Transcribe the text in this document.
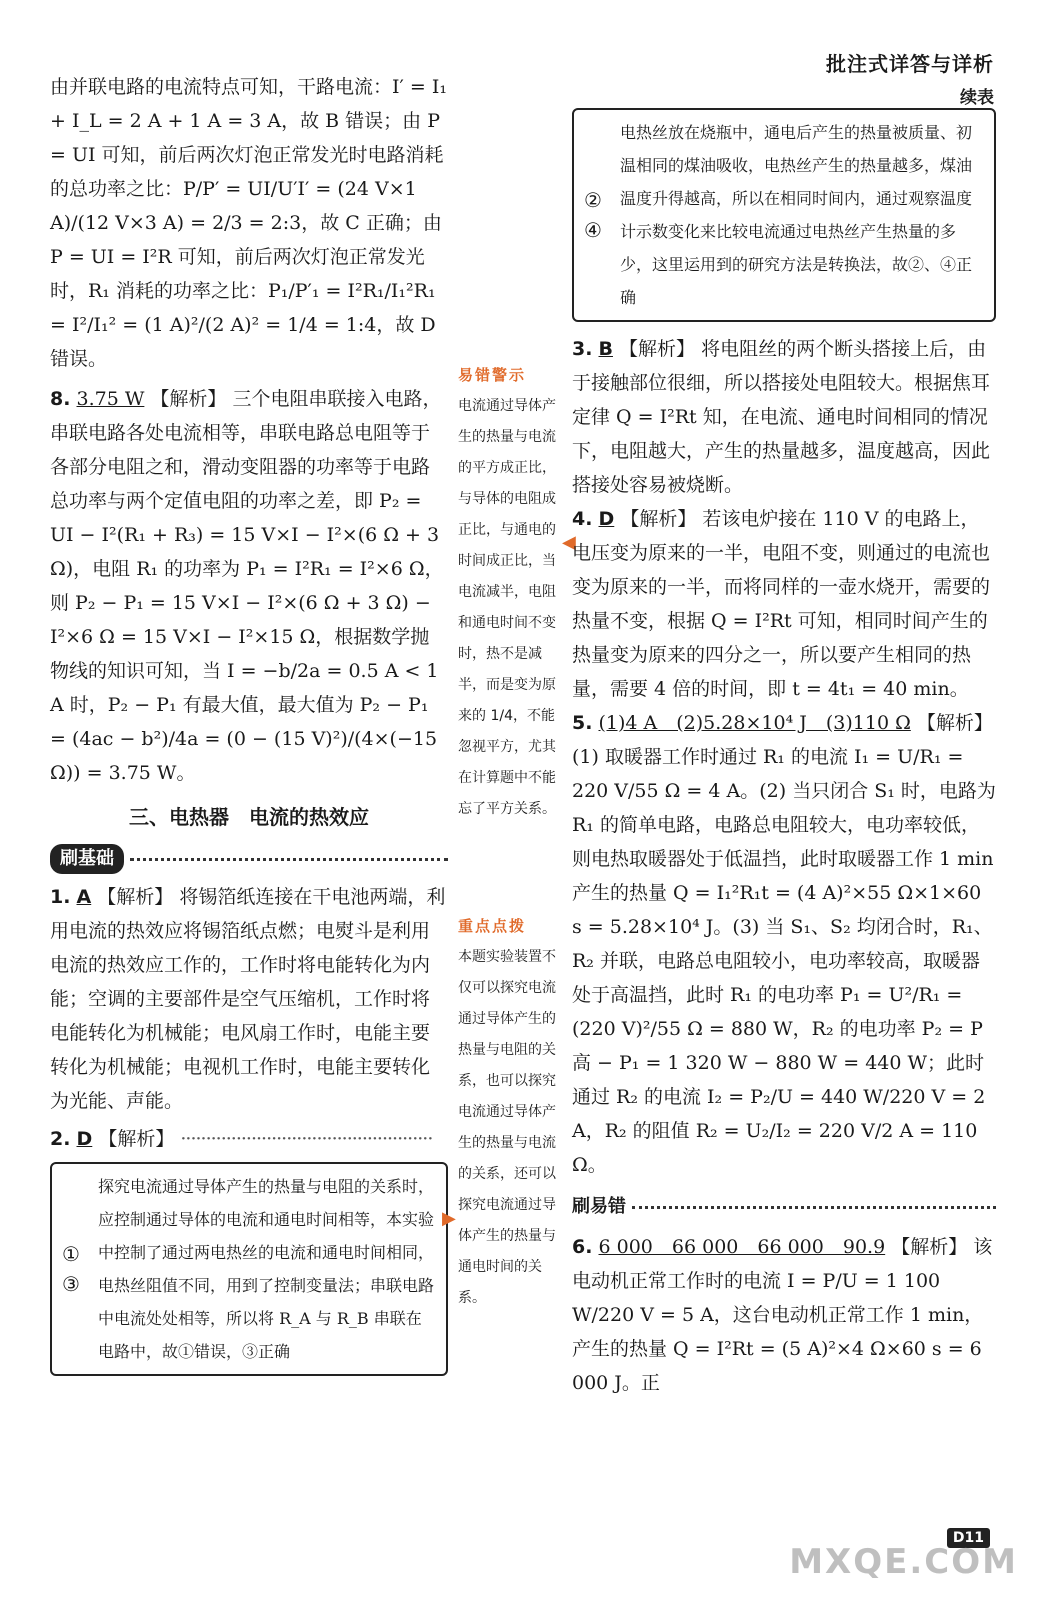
批注式详答与详析
续表

由并联电路的电流特点可知，干路电流：I′ = I₁ + I_L = 2 A + 1 A = 3 A，故 B 错误；由 P = UI 可知，前后两次灯泡正常发光时电路消耗的总功率之比：P/P′ = UI/U′I′ = (24 V×1 A)/(12 V×3 A) = 2/3 = 2:3，故 C 正确；由 P = UI = I²R 可知，前后两次灯泡正常发光时，R₁ 消耗的功率之比：P₁/P′₁ = I²R₁/I₁²R₁ = I²/I₁² = (1 A)²/(2 A)² = 1/4 = 1:4，故 D 错误。

8. 3.75 W 【解析】 三个电阻串联接入电路，串联电路各处电流相等，串联电路总电阻等于各部分电阻之和，滑动变阻器的功率等于电路总功率与两个定值电阻的功率之差，即 P₂ = UI − I²(R₁ + R₃) = 15 V×I − I²×(6 Ω + 3 Ω)，电阻 R₁ 的功率为 P₁ = I²R₁ = I²×6 Ω，则 P₂ − P₁ = 15 V×I − I²×(6 Ω + 3 Ω) − I²×6 Ω = 15 V×I − I²×15 Ω，根据数学抛物线的知识可知，当 I = −b/2a = 0.5 A < 1 A 时，P₂ − P₁ 有最大值，最大值为 P₂ − P₁ = (4ac − b²)/4a = (0 − (15 V)²)/(4×(−15 Ω)) = 3.75 W。

三、电热器　电流的热效应
刷基础

1. A 【解析】 将锡箔纸连接在干电池两端，利用电流的热效应将锡箔纸点燃；电熨斗是利用电流的热效应工作的，工作时将电能转化为内能；空调的主要部件是空气压缩机，工作时将电能转化为机械能；电风扇工作时，电能主要转化为机械能；电视机工作时，电能主要转化为光能、声能。

2. D 【解析】 ··················································

①
③
探究电流通过导体产生的热量与电阻的关系时，应控制通过导体的电流和通电时间相等，本实验中控制了通过两电热丝的电流和通电时间相同，电热丝阻值不同，用到了控制变量法；串联电路中电流处处相等，所以将 R_A 与 R_B 串联在电路中，故①错误，③正确
易错警示
电流通过导体产生的热量与电流的平方成正比，与导体的电阻成正比，与通电的时间成正比，当电流减半，电阻和通电时间不变时，热不是减半，而是变为原来的 1/4，不能忽视平方，尤其在计算题中不能忘了平方关系。
重点点拨
本题实验装置不仅可以探究电流通过导体产生的热量与电阻的关系，也可以探究电流通过导体产生的热量与电流的关系，还可以探究电流通过导体产生的热量与通电时间的关系。
◀
▶
②
④
电热丝放在烧瓶中，通电后产生的热量被质量、初温相同的煤油吸收，电热丝产生的热量越多，煤油温度升得越高，所以在相同时间内，通过观察温度计示数变化来比较电流通过电热丝产生热量的多少，这里运用到的研究方法是转换法，故②、④正确

3. B 【解析】 将电阻丝的两个断头搭接上后，由于接触部位很细，所以搭接处电阻较大。根据焦耳定律 Q = I²Rt 知，在电流、通电时间相同的情况下，电阻越大，产生的热量越多，温度越高，因此搭接处容易被烧断。

4. D 【解析】 若该电炉接在 110 V 的电路上，电压变为原来的一半，电阻不变，则通过的电流也变为原来的一半，而将同样的一壶水烧开，需要的热量不变，根据 Q = I²Rt 可知，相同时间产生的热量变为原来的四分之一，所以要产生相同的热量，需要 4 倍的时间，即 t = 4t₁ = 40 min。

5. (1)4 A　(2)5.28×10⁴ J　(3)110 Ω 【解析】 (1) 取暖器工作时通过 R₁ 的电流 I₁ = U/R₁ = 220 V/55 Ω = 4 A。(2) 当只闭合 S₁ 时，电路为 R₁ 的简单电路，电路总电阻较大，电功率较低，则电热取暖器处于低温挡，此时取暖器工作 1 min 产生的热量 Q = I₁²R₁t = (4 A)²×55 Ω×1×60 s = 5.28×10⁴ J。(3) 当 S₁、S₂ 均闭合时，R₁、R₂ 并联，电路总电阻较小，电功率较高，取暖器处于高温挡，此时 R₁ 的电功率 P₁ = U²/R₁ = (220 V)²/55 Ω = 880 W，R₂ 的电功率 P₂ = P高 − P₁ = 1 320 W − 880 W = 440 W；此时通过 R₂ 的电流 I₂ = P₂/U = 440 W/220 V = 2 A，R₂ 的阻值 R₂ = U₂/I₂ = 220 V/2 A = 110 Ω。

刷易错

6. 6 000　66 000　66 000　90.9 【解析】 该电动机正常工作时的电流 I = P/U = 1 100 W/220 V = 5 A，这台电动机正常工作 1 min，产生的热量 Q = I²Rt = (5 A)²×4 Ω×60 s = 6 000 J。正

D11
MXQE.COM
